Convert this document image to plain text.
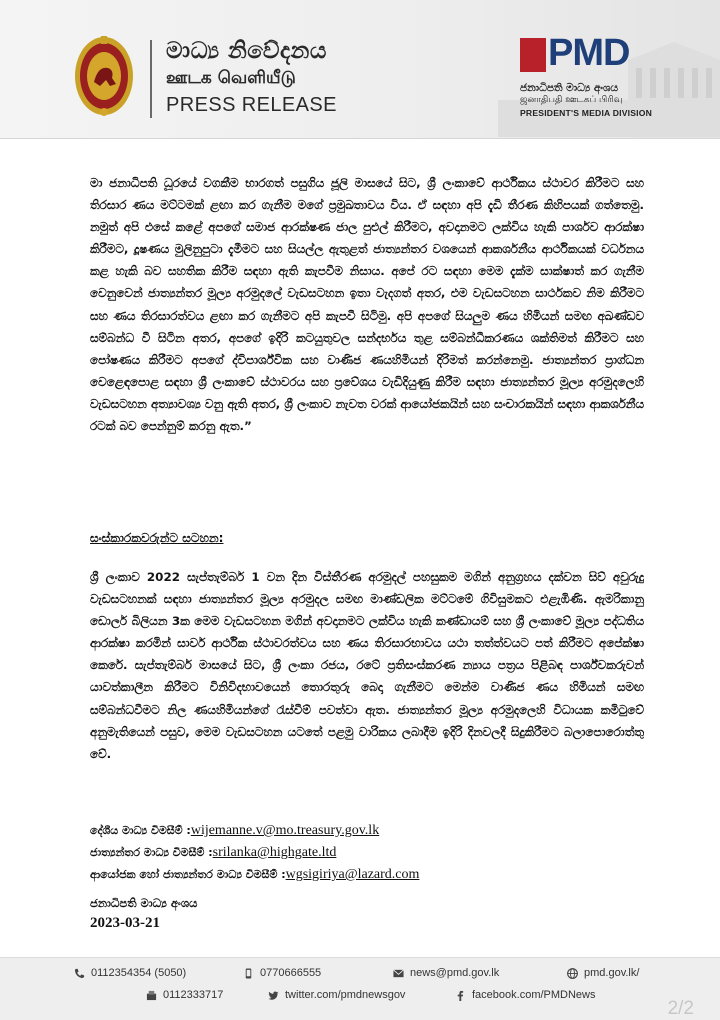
මාධ්‍ය නිවේදනය
ஊடக வெளியீடு
PRESS RELEASE
PMD
ජනාධිපති මාධ්‍ය අංශය
ஜனாதிபதி ஊடகப் பிரிவு
PRESIDENT'S MEDIA DIVISION
මා ජනාධිපති ධූරයේ වගකීම භාරගත් පසුගිය ජූලි මාසයේ සිට, ශ්‍රී ලංකාවේ ආර්ථිකය ස්ථාවර කිරීමට සහ තිරසාර ණය මට්ටමක් ළඟා කර ගැනීම මගේ ප්‍රමුඛතාවය විය. ඒ සඳහා අපි දැඩි තීරණ කිහිපයක් ගත්තෙමු. නමුත් අපි එසේ කළේ අපගේ සමාජ ආරක්ෂණ ජාල පුළුල් කිරීමට, අවදානමට ලක්විය හැකි පාර්ශව ආරක්ෂා කිරීමට, දූෂණය මුලිනුපුටා දැමීමට සහ සියල්ල ඇතුළත් ජාත්‍යන්තර වශයෙන් ආකර්ශනීය ආර්ථිකයක් වර්ධනය කළ හැකි බව සහතික කිරීම සඳහා ඇති කැපවීම නිසාය. අපේ රට සඳහා මෙම දැක්ම සාක්ෂාත් කර ගැනීම වෙනුවෙන් ජාත්‍යන්තර මූල්‍ය අරමුදලේ වැඩසටහන ඉතා වැදගත් අතර, එම වැඩසටහන සාර්ථකව නිම කිරීමට සහ ණය තිරසාරත්වය ළඟා කර ගැනීමට අපි කැපවී සිටිමු. අපි අපගේ සියලුම ණය හිමියන් සමඟ අඛණ්ඩව සම්බන්ධ වී සිටින අතර, අපගේ ඉදිරි කටයුතුවල සන්දර්භය තුළ සම්බන්ධීකරණය ශක්තිමත් කිරීමට සහ පෝෂණය කිරීමට අපගේ ද්විපාර්ශ්වික සහ වාණිජ ණයහිමියන් දිරිමත් කරන්නෙමු. ජාත්‍යන්තර ප්‍රාග්ධන වෙළෙඳපොළ සඳහා ශ්‍රී ලංකාවේ ස්ථාවරය සහ ප්‍රවේශය වැඩිදියුණු කිරීම සඳහා ජාත්‍යන්තර මූල්‍ය අරමුදලෙහි වැඩසටහන අත්‍යාවශ්‍ය වනු ඇති අතර, ශ්‍රී ලංකාව නැවත වරක් ආයෝජකයින් සහ සංචාරකයින් සඳහා ආකර්ශනීය රටක් බව පෙන්නුම් කරනු ඇත.”
සංස්කාරකවරුන්ට සටහන:
ශ්‍රී ලංකාව 2022 සැප්තැම්බර් 1 වන දින විස්තීරණ අරමුදල් පහසුකම මගින් අනුග්‍රහය දක්වන සිව් අවුරුදු වැඩසටහනක් සඳහා ජාත්‍යන්තර මූල්‍ය අරමුදල සමඟ මාණ්ඩලික මට්ටමේ ගිවිසුමකට එළැඹිණි. ඇමරිකානු ඩොලර් බිලියන 3ක මෙම වැඩසටහන මගින් අවදානමට ලක්විය හැකි කණ්ඩායම් සහ ශ්‍රී ලංකාවේ මූල්‍ය පද්ධතිය ආරක්ෂා කරමින් සාර්ව ආර්ථික ස්ථාවරත්වය සහ ණය තිරසාරභාවය යථා තත්ත්වයට පත් කිරීමට අපේක්ෂා කෙරේ. සැප්තැම්බර් මාසයේ සිට, ශ්‍රී ලංකා රජය, රටේ ප්‍රතිසංස්කරණ න්‍යාය පත්‍රය පිළිබඳ පාර්ශ්වකරුවන් යාවත්කාලීන කිරීමට විනිවිදභාවයෙන් තොරතුරු බෙදා ගැනීමට මෙන්ම වාණිජ ණය හිමියන් සමඟ සම්බන්ධවීමට නිල ණයහිමියන්ගේ රැස්වීම් පවත්වා ඇත. ජාත්‍යන්තර මූල්‍ය අරමුදලෙහි විධායක කමිටුවේ අනුමැතියෙන් පසුව, මෙම වැඩසටහන යටතේ පළමු වාරිකය ලබාදීම ඉදිරි දිනවලදී සිදුකිරීමට බලාපොරොත්තු වේ.
දේශීය මාධ්‍ය විමසීම් :wijemanne.v@mo.treasury.gov.lk
ජාත්‍යන්තර මාධ්‍ය විමසීම් :srilanka@highgate.ltd
ආයෝජක හෝ ජාත්‍යන්තර මාධ්‍ය විමසීම් :wgsigiriya@lazard.com
ජනාධිපති මාධ්‍ය අංශය
2023-03-21
0112354354 (5050)	0770666555	news@pmd.gov.lk	pmd.gov.lk/
0112333717	twitter.com/pmdnewsgov	facebook.com/PMDNews
2/2
